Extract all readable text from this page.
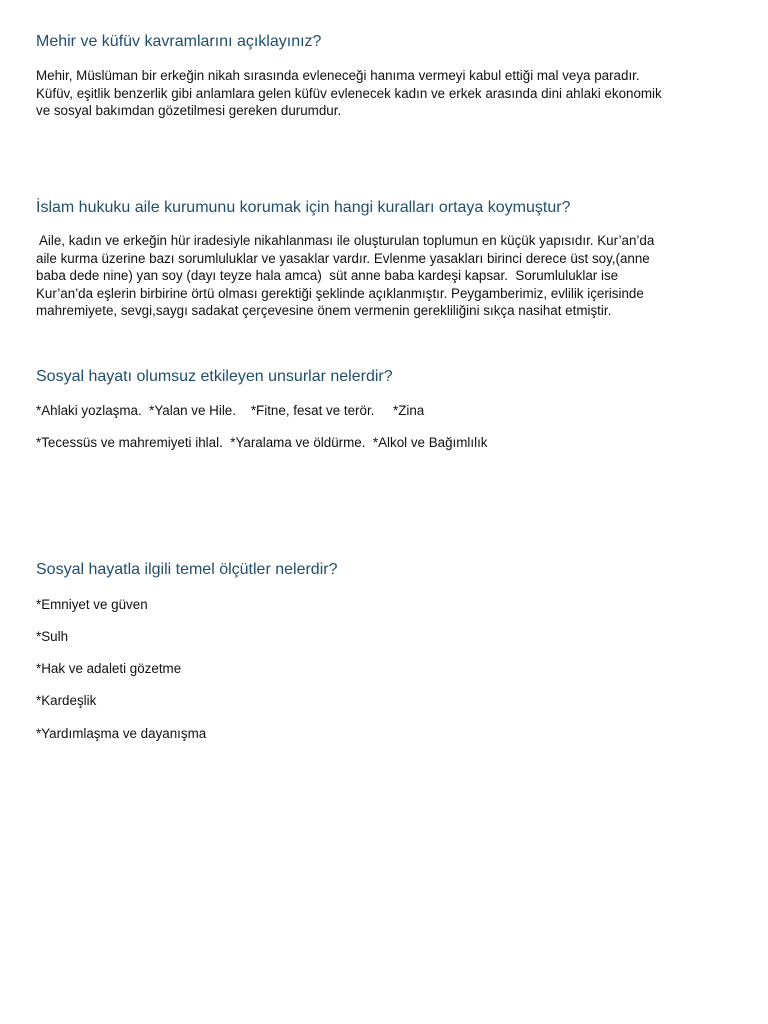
Mehir ve küfüv kavramlarını açıklayınız?

Mehir, Müslüman bir erkeğin nikah sırasında evleneceği hanıma vermeyi kabul ettiği mal veya paradır.
Küfüv, eşitlik benzerlik gibi anlamlara gelen küfüv evlenecek kadın ve erkek arasında dini ahlaki ekonomik
ve sosyal bakımdan gözetilmesi gereken durumdur.

İslam hukuku aile kurumunu korumak için hangi kuralları ortaya koymuştur?

Aile, kadın ve erkeğin hür iradesiyle nikahlanması ile oluşturulan toplumun en küçük yapısıdır. Kur’an’da
aile kurma üzerine bazı sorumluluklar ve yasaklar vardır. Evlenme yasakları birinci derece üst soy,(anne
baba dede nine) yan soy (dayı teyze hala amca)  süt anne baba kardeşi kapsar.  Sorumluluklar ise
Kur’an’da eşlerin birbirine örtü olması gerektiği şeklinde açıklanmıştır. Peygamberimiz, evlilik içerisinde
mahremiyete, sevgi,saygı sadakat çerçevesine önem vermenin gerekliliğini sıkça nasihat etmiştir.

Sosyal hayatı olumsuz etkileyen unsurlar nelerdir?

*Ahlaki yozlaşma.  *Yalan ve Hile.    *Fitne, fesat ve terör.     *Zina

*Tecessüs ve mahremiyeti ihlal.  *Yaralama ve öldürme.  *Alkol ve Bağımlılık

Sosyal hayatla ilgili temel ölçütler nelerdir?

*Emniyet ve güven

*Sulh

*Hak ve adaleti gözetme

*Kardeşlik

*Yardımlaşma ve dayanışma
